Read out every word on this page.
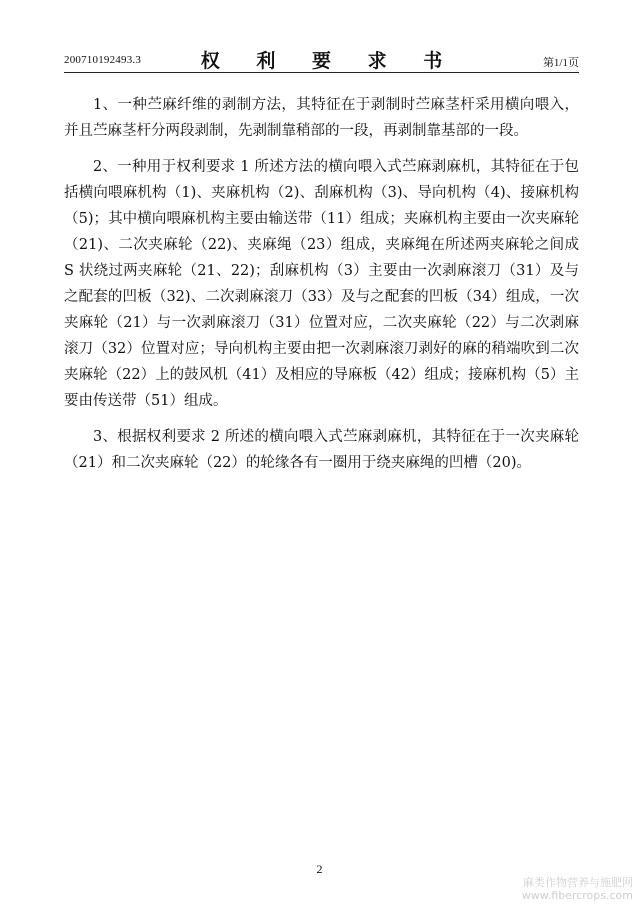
200710192493.3	权 利 要 求 书	第1/1页

1、一种苎麻纤维的剥制方法，其特征在于剥制时苎麻茎杆采用横向喂入，并且苎麻茎杆分两段剥制，先剥制靠稍部的一段，再剥制靠基部的一段。

2、一种用于权利要求 1 所述方法的横向喂入式苎麻剥麻机，其特征在于包括横向喂麻机构（1)、夹麻机构（2)、刮麻机构（3)、导向机构（4)、接麻机构（5)；其中横向喂麻机构主要由输送带（11）组成；夹麻机构主要由一次夹麻轮（21)、二次夹麻轮（22)、夹麻绳（23）组成，夹麻绳在所述两夹麻轮之间成 S 状绕过两夹麻轮（21、22)；刮麻机构（3）主要由一次剥麻滚刀（31）及与之配套的凹板（32)、二次剥麻滚刀（33）及与之配套的凹板（34）组成，一次夹麻轮（21）与一次剥麻滚刀（31）位置对应，二次夹麻轮（22）与二次剥麻滚刀（32）位置对应；导向机构主要由把一次剥麻滚刀剥好的麻的稍端吹到二次夹麻轮（22）上的鼓风机（41）及相应的导麻板（42）组成；接麻机构（5）主要由传送带（51）组成。

3、根据权利要求 2 所述的横向喂入式苎麻剥麻机，其特征在于一次夹麻轮（21）和二次夹麻轮（22）的轮缘各有一圈用于绕夹麻绳的凹槽（20)。

2
麻类作物营养与施肥网
www.fibercrops.com
